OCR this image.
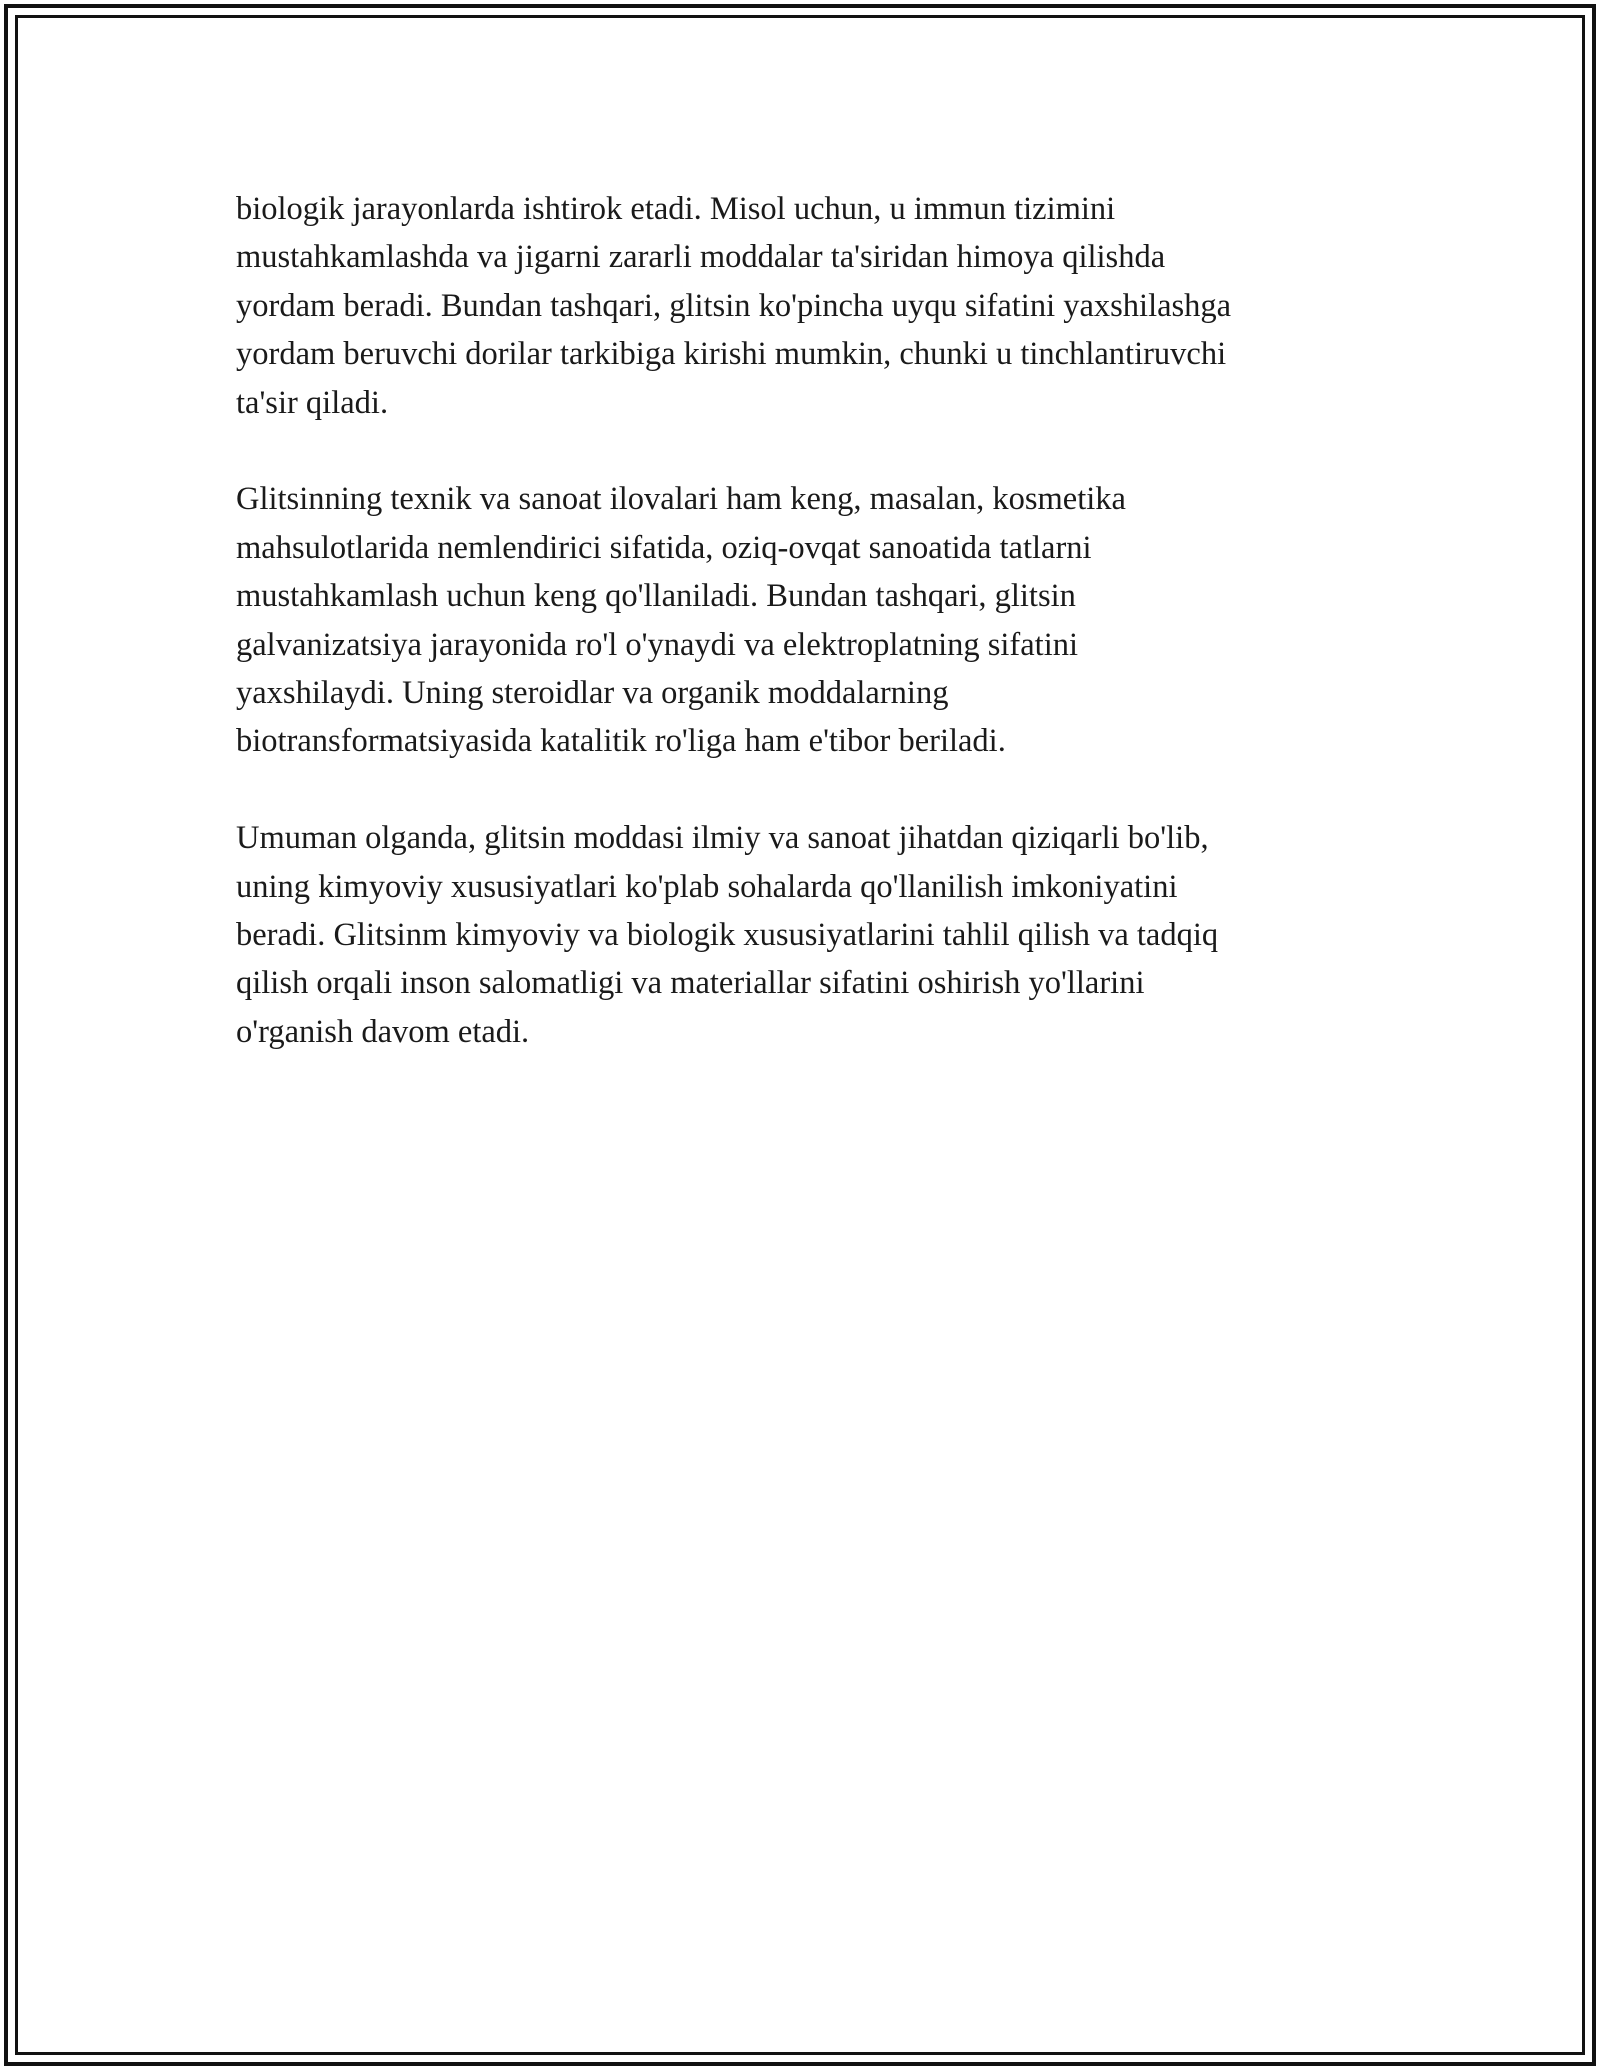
biologik jarayonlarda ishtirok etadi. Misol uchun, u immun tizimini
mustahkamlashda va jigarni zararli moddalar ta'siridan himoya qilishda
yordam beradi. Bundan tashqari, glitsin ko'pincha uyqu sifatini yaxshilashga
yordam beruvchi dorilar tarkibiga kirishi mumkin, chunki u tinchlantiruvchi
ta'sir qiladi.

Glitsinning texnik va sanoat ilovalari ham keng, masalan, kosmetika
mahsulotlarida nemlendirici sifatida, oziq-ovqat sanoatida tatlarni
mustahkamlash uchun keng qo'llaniladi. Bundan tashqari, glitsin
galvanizatsiya jarayonida ro'l o'ynaydi va elektroplatning sifatini
yaxshilaydi. Uning steroidlar va organik moddalarning
biotransformatsiyasida katalitik ro'liga ham e'tibor beriladi.

Umuman olganda, glitsin moddasi ilmiy va sanoat jihatdan qiziqarli bo'lib,
uning kimyoviy xususiyatlari ko'plab sohalarda qo'llanilish imkoniyatini
beradi. Glitsinm kimyoviy va biologik xususiyatlarini tahlil qilish va tadqiq
qilish orqali inson salomatligi va materiallar sifatini oshirish yo'llarini
o'rganish davom etadi.
